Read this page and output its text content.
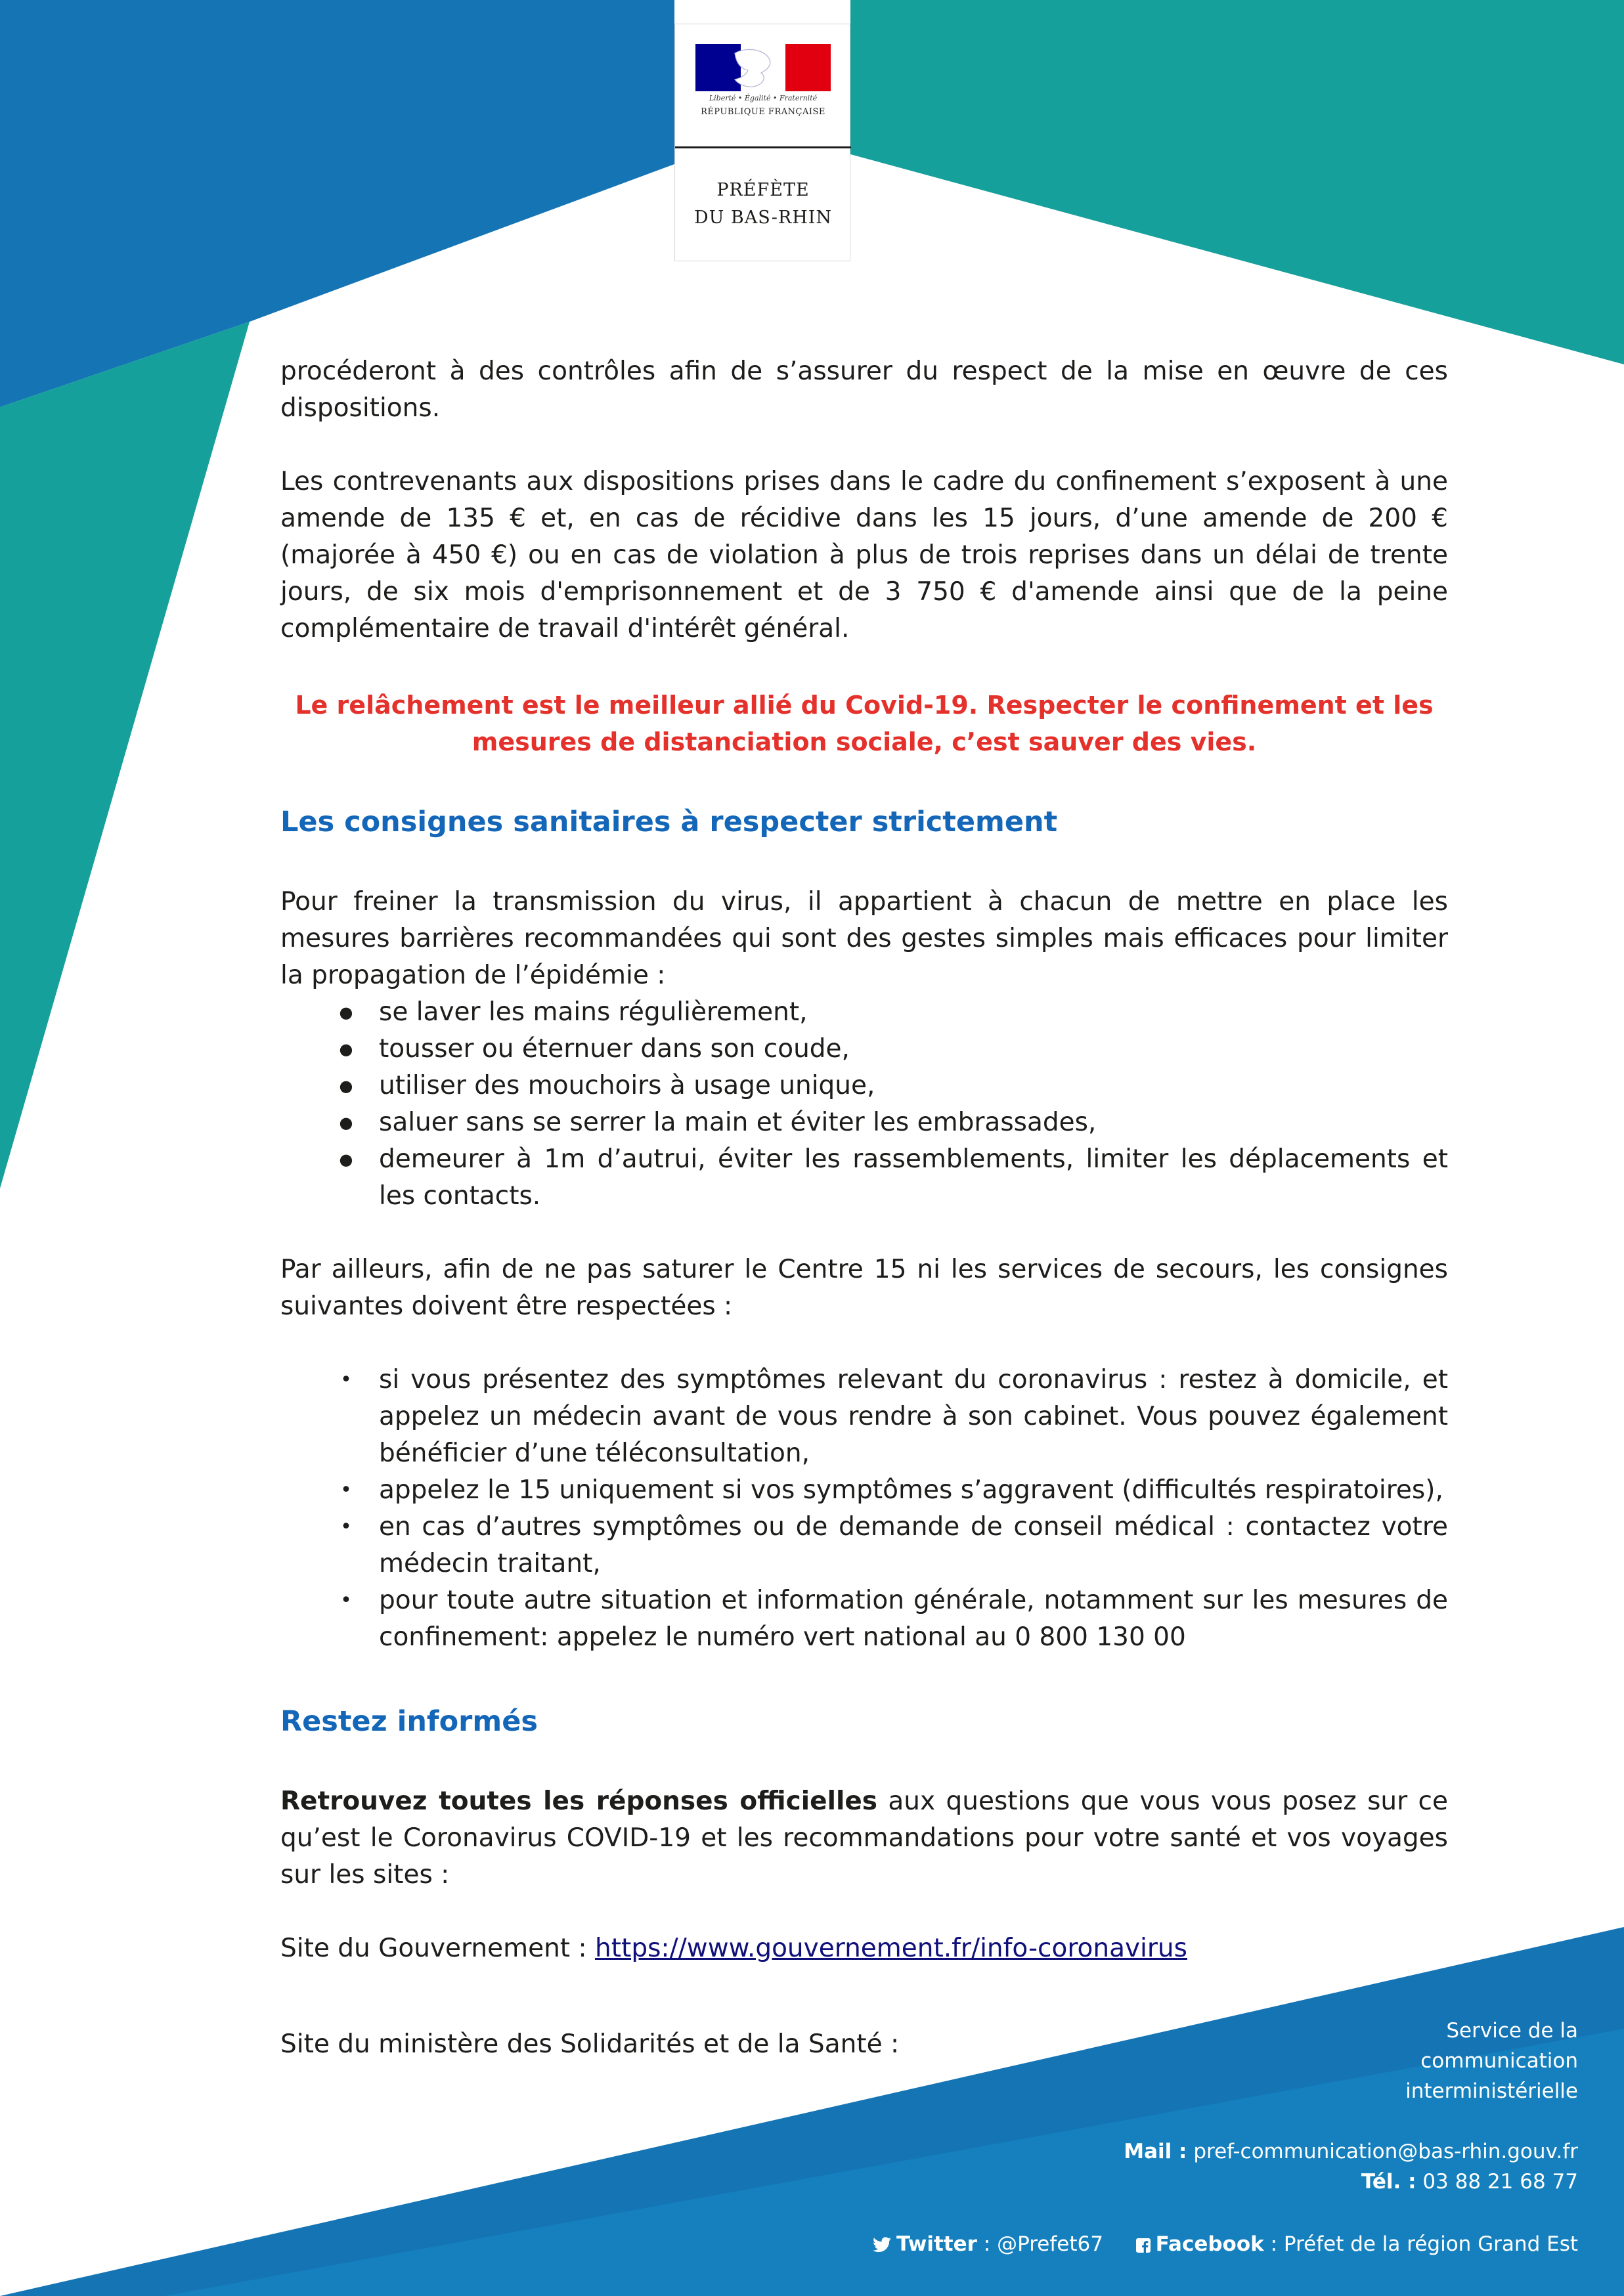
Liberté • Égalité • Fraternité
RÉPUBLIQUE FRANÇAISE
PRÉFÈTE
DU BAS-RHIN

procéderont à des contrôles afin de s’assurer du respect de la mise en œuvre de ces dispositions.

Les contrevenants aux dispositions prises dans le cadre du confinement s’exposent à une amende de 135 € et, en cas de récidive dans les 15 jours, d’une amende de 200 € (majorée à 450 €) ou en cas de violation à plus de trois reprises dans un délai de trente jours, de six mois d'emprisonnement et de 3 750 € d'amende ainsi que de la peine complémentaire de travail d'intérêt général.

Le relâchement est le meilleur allié du Covid-19. Respecter le confinement et les
mesures de distanciation sociale, c’est sauver des vies.
Les consignes sanitaires à respecter strictement

Pour freiner la transmission du virus, il appartient à chacun de mettre en place les mesures barrières recommandées qui sont des gestes simples mais efficaces pour limiter la propagation de l’épidémie :

● se laver les mains régulièrement,
● tousser ou éternuer dans son coude,
● utiliser des mouchoirs à usage unique,
● saluer sans se serrer la main et éviter les embrassades,
● demeurer à 1m d’autrui, éviter les rassemblements, limiter les déplacements et les contacts.

Par ailleurs, afin de ne pas saturer le Centre 15 ni les services de secours, les consignes suivantes doivent être respectées :

• si vous présentez des symptômes relevant du coronavirus : restez à domicile, et appelez un médecin avant de vous rendre à son cabinet. Vous pouvez également bénéficier d’une téléconsultation,
• appelez le 15 uniquement si vos symptômes s’aggravent (difficultés respiratoires),
• en cas d’autres symptômes ou de demande de conseil médical : contactez votre médecin traitant,
• pour toute autre situation et information générale, notamment sur les mesures de confinement: appelez le numéro vert national au 0 800 130 00
Restez informés

Retrouvez toutes les réponses officielles aux questions que vous vous posez sur ce qu’est le Coronavirus COVID-19 et les recommandations pour votre santé et vos voyages sur les sites :

Site du Gouvernement : https://www.gouvernement.fr/info-coronavirus

Site du ministère des Solidarités et de la Santé :	Service de la
communication
interministérielle
Mail : pref-communication@bas-rhin.gouv.fr
Tél. : 03 88 21 68 77
Twitter : @Prefet67	Facebook : Préfet de la région Grand Est
